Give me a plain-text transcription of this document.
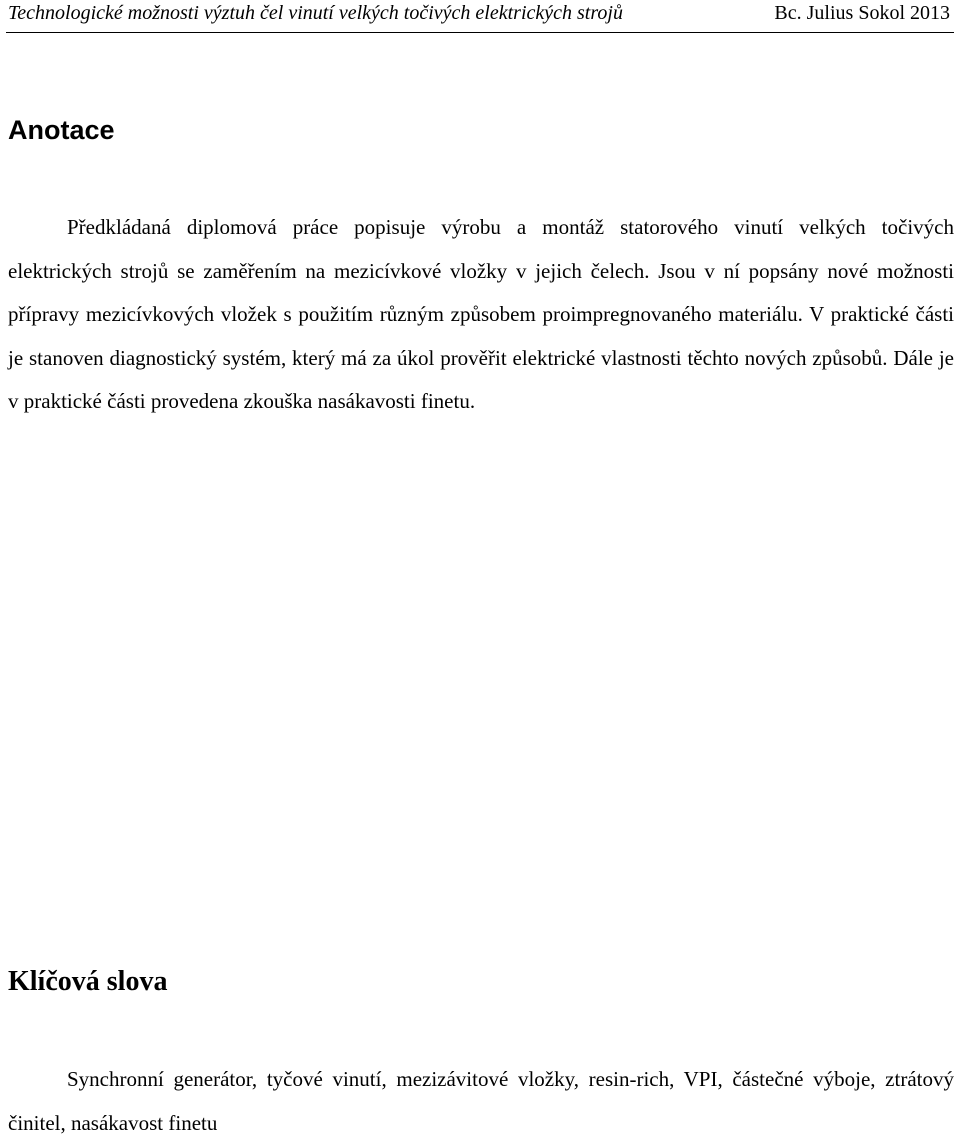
Technologické možnosti výztuh čel vinutí velkých točivých elektrických strojů	Bc. Julius Sokol 2013
Anotace

Předkládaná diplomová práce popisuje výrobu a montáž statorového vinutí velkých točivých elektrických strojů se zaměřením na mezicívkové vložky v jejich čelech. Jsou v ní popsány nové možnosti přípravy mezicívkových vložek s použitím různým způsobem proimpregnovaného materiálu. V praktické části je stanoven diagnostický systém, který má za úkol prověřit elektrické vlastnosti těchto nových způsobů. Dále je v praktické části provedena zkouška nasákavosti finetu.

Klíčová slova

Synchronní generátor, tyčové vinutí, mezizávitové vložky, resin-rich, VPI, částečné výboje, ztrátový činitel, nasákavost finetu
